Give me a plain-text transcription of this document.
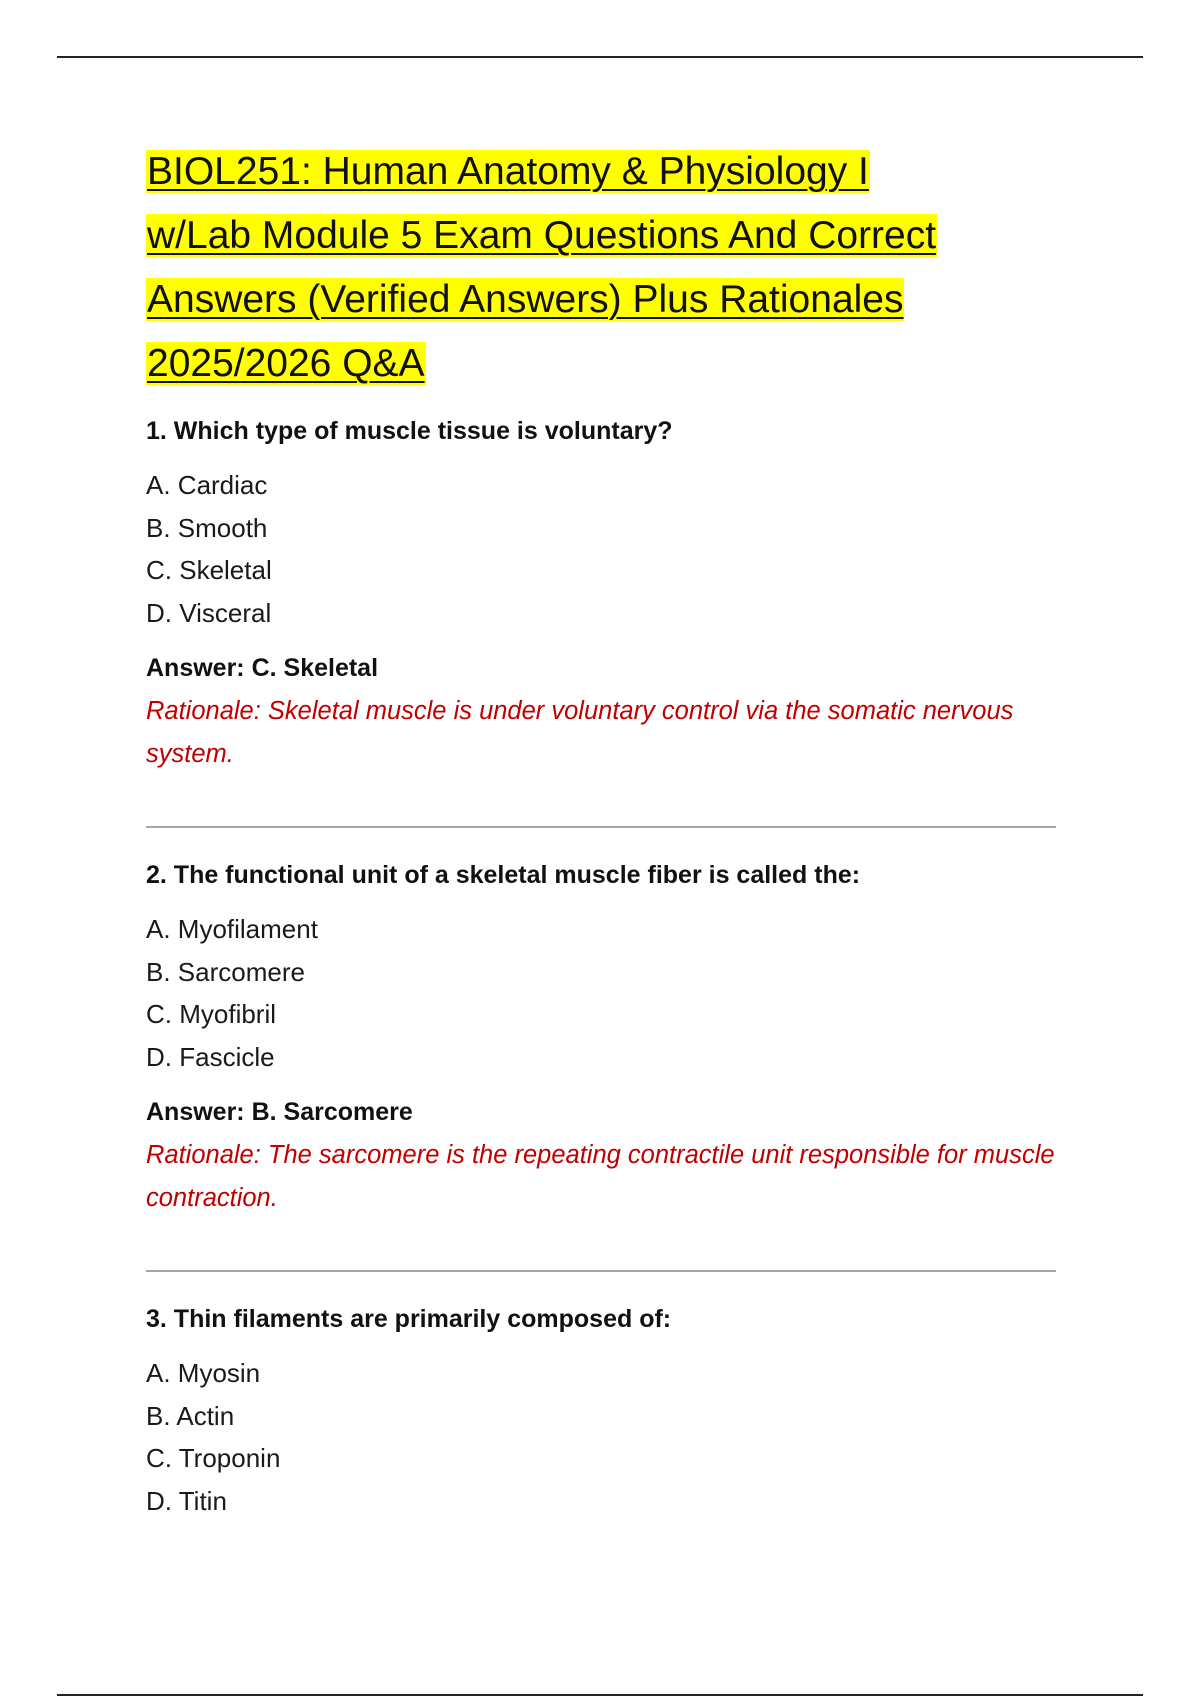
BIOL251: Human Anatomy & Physiology I
w/Lab Module 5 Exam Questions And Correct
Answers (Verified Answers) Plus Rationales
2025/2026 Q&A

1. Which type of muscle tissue is voluntary?

A. Cardiac
B. Smooth
C. Skeletal
D. Visceral

Answer: C. Skeletal

Rationale: Skeletal muscle is under voluntary control via the somatic nervous system.

2. The functional unit of a skeletal muscle fiber is called the:

A. Myofilament
B. Sarcomere
C. Myofibril
D. Fascicle

Answer: B. Sarcomere

Rationale: The sarcomere is the repeating contractile unit responsible for muscle contraction.

3. Thin filaments are primarily composed of:

A. Myosin
B. Actin
C. Troponin
D. Titin
